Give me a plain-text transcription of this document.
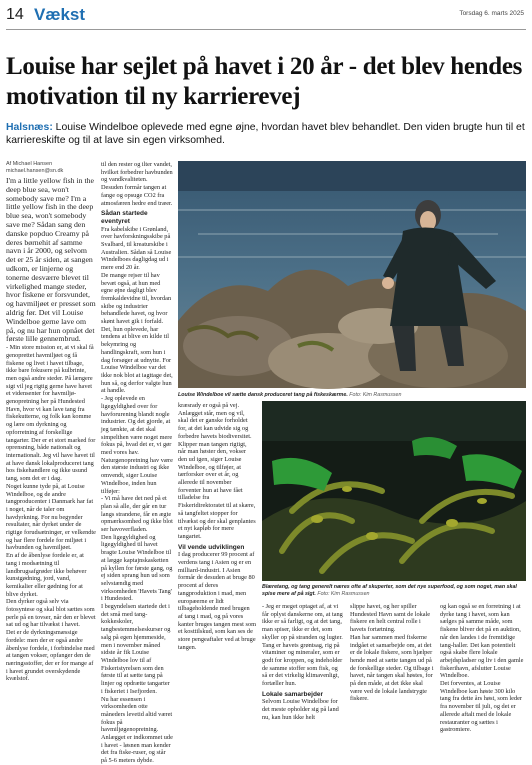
14 Vækst	Torsdag 6. marts 2025
Louise har sejlet på havet i 20 år - det blev hendes motivation til ny karrierevej
Halsnæs: Louise Windelboe oplevede med egne øjne, hvordan havet blev behandlet. Den viden brugte hun til et karriereskifte og til at lave sin egen virksomhed.
Af Michael Hansen
michael.hansen@sn.dk

I'm a little yellow fish in the deep blue sea, won't somebody save me? I'm a little yellow fish in the deep blue sea, won't somebody save me? Sådan sang den danske popduo Creamy på deres børnehit af samme navn i år 2000, og selvom det er 25 år siden, at sangen udkom, er linjerne og tonerne desværre blevet til virkelighed mange steder, hvor fiskene er forsvundet, og havmiljøet er presset som aldrig før. Det vil Louise Windelboe gerne lave om på, og nu har hun opnået det første lille gennembrud.

- Min store mission er, at vi skal få genoprettet havmiljøet og få fiskene og livet i havet tilbage, ikke bare fokusere på kulbrinte, men også andre steder. På længere sigt vil jeg rigtig gerne have havet et vidensenter for havmiljø-genopretning her på Hundested Havn, hvor vi kan lave tang fra fiskekutterne, og folk kan komme og lære om dyrkning og opforretning af forskellige tangarter. Der er et stort marked for oprensning, både nationalt og internationalt. Jeg vil have havet til at have dansk lokalproduceret tang hos fiskehandlere og ikke usund tang, som det er i dag.

Noget kunne tyde på, at Louise Windelboe, og de andre tangproducenter i Danmark har fat i noget, når de taler om havdyrkning. For nu begynder resultater, når dyrket under de rigtige forudsætninger, er velkendte og har flere fordele for miljøet i havbunden og havmiljøet.

En af de åbenlyse fordele er, at tang i modsætning til landbrugsafgrøder ikke behøver kunstgødning, jord, vand, kemikalier eller gødning for at blive dyrket.

Den dyrker også selv via fotosyntese og skal blot sættes som perle på en tovser, når den er blevet sat ud og har tilvækst i havet.

Det er de dyrkningsmæssige fordele: men der er også andre åbenlyse fordele, i forbindelse med at tangen vokser, opfanger den de næringsstoffer, der er for mange af i havet grundet overskydende kvælstof.

til den rester og ilter vandet, hvilket forbedrer havbunden og vandkvaliteten.

Desuden formår tangen at fange og opsuge CO2 fra atmosfæren hedre end træer.

Sådan startede eventyret

Fra kabelskibe i Grønland, over havforskningsskibe på Svalbard, til kreaturskibe i Australien. Sådan så Louise Windelboes dagligdag ud i mere end 20 år.

De mange rejser til hav bevæt også, at hun med egne øjne dagligt blev fremkaldevidne til, hvordan skibe og industrier behandlede havet, og hvor skønt havet gik i forfald.

Det, hun oplevede, har tendens at blive en kilde til bekymring og handlingskraft, som hun i dag forsøger at udnytte. For Louise Windelboe var det ikke nok blot at iagttage det, hun så, og derfor valgte hun at handle.

- Jeg oplevede en ligegyldighed over for havforurening blandt nogle industrier. Og det gjorde, at jeg tænkte, at det skal simpelthen være noget mere fokus på, hvad det er, vi gør med vores hav. Naturgenopretning hav være den største industri og ikke omvendt, siger Louise Windelboe, inden hun tilføjer:

- Vi må have det ned på et plan så alle, der går en tur langs strandene, får en ægte opmærksomhed og ikke blot ser havoverfladen.

Den ligegyldighed og ligegyldighed til havet bragte Louise Windelboe til at lægge kaptajnskasketten på kyllen for første gang, og ej siden sprang hun ud som selvstændig med virksomheden 'Havets Tang' i Hundested.

I begyndelsen startede det i det små med tang-kokkeskoler, tangbestemmelseskurser og salg på egen hjemmeside, men i november måned sidste år fik Louise Windelboe lov til af Fiskeristyrelsen som den første til at sætte tang på linjer og opdrætte tangarter i fiskeriet i Isefjorden.

Nu har essensen i virksomheden otte måneders levetid altid været fokus på havmiljøgenopretning. Anlægget er indkommet ude i havet - løsnen man kender det fra fiske-ruser, og står på 5-6 meters dybde.

Louise Windelboe vil sætte dansk produceret tang på fiskeskærme. Foto: Kim Rasmussen

kræsrady er også på vej. Anlægget står, men og vil, skal det er ganske forholdet for, at det kan udvide sig og forbedre havets biodiversitet. Klipper man tangen rigtigt, når man høster den, vokser den ud igen, siger Louise Windelboe, og tilføjer, at tærforsker over et år, og allerede til november forventer hun at have fået tilladelse fra Fiskeridirektoratet til at skære, så tangfeltet stopper for tilvækst og der skal genplantes et nyt kapløb for mere tangartet.

Vil vende udviklingen

I dag producerer 99 procent af verdens tang i Asien og er en milliard-industri. I Asien formår de desuden at bruge 80 procent af deres tangproduktion i mad, men europæerne er lidt tilbageholdende med brugen af tang i mad, og på vores kanter bruges tangen mest som et kosttilskud, som kan ses de store pengeaftaler ved at bruge tangen.

Blæretang, og tang generelt næres ofte af skuperter, som det nye superfood, og som noget, man skal spise mere af på sigt. Foto: Kim Rasmussen

- Jeg er meget optaget af, at vi får oplyst danskerne om, at tang ikke er så farligt, og at det tang, man spiser, ikke er det, som skyller op på stranden og lugter. Tang er havets grøntsag, rig på vitaminer og mineraler, som er godt for kroppen, og indeholder de samme stoffer som fisk, og så er det virkelig klimavenligt, fortæller hun.

Lokale samarbejder

Selvom Louise Windelboe for det meste opholder sig på land nu, kan hun ikke helt

slippe havet, og her spiller Hundested Havn samt de lokale fiskere en helt central rolle i havets fortætning.

Han har sammen med fiskerne indgået et samarbejde om, at det er de lokale fiskere, som hjælper hende med at sætte tangen ud på de forskellige steder. Og tilbage i havet, når tangen skal høstes, for på den måde, at det ikke skal være ved de lokale landstrygte fiskere.

og kan også se en forretning i at dyrke tang i havet, som kan sælges på samme måde, som fiskene bliver det på en auktion, når den landes i de fremtidige tang-haller. Det kan potentielt også skabe flere lokale arbejdspladser og liv i den gamle fiskerihavn, afslutter Louise Windelboe.

Det forventes, at Louise Windelboe kan høste 300 kilo tang fra dette års høst, som leder fra november til juli, og det er allerede aftalt med de lokale restauranter og sættes i gastromiere.
